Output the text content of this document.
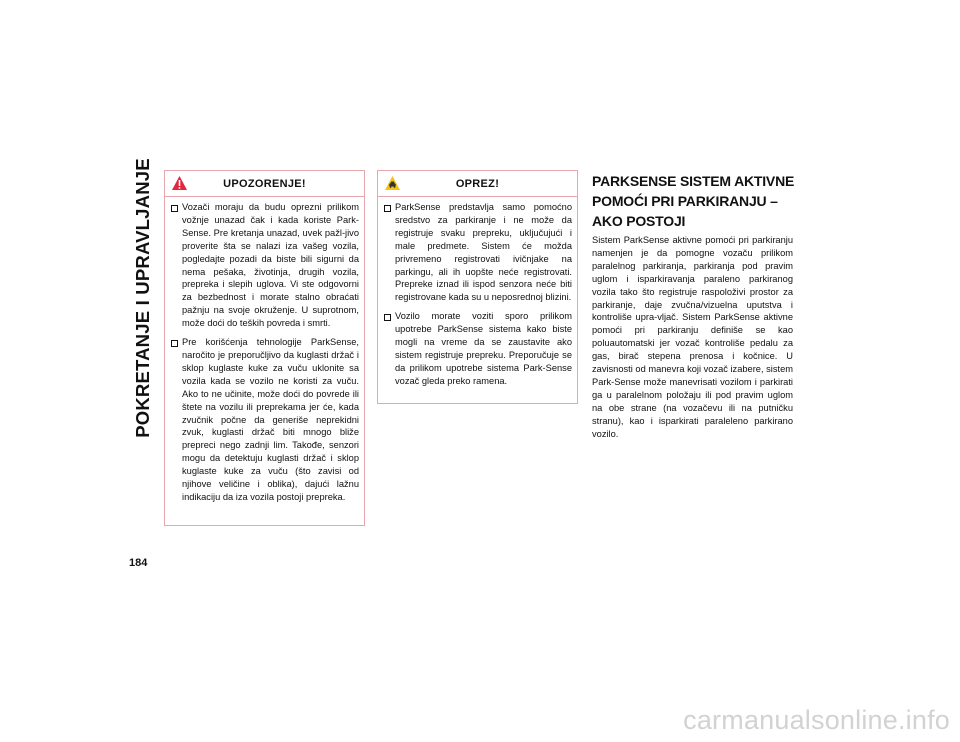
POKRETANJE I UPRAVLJANJE
184
UPOZORENJE!
Vozači moraju da budu oprezni prilikom vožnje unazad čak i kada koriste Park-Sense. Pre kretanja unazad, uvek pažl-jivo proverite šta se nalazi iza vašeg vozila, pogledajte pozadi da biste bili sigurni da nema pešaka, životinja, drugih vozila, prepreka i slepih uglova. Vi ste odgovorni za bezbednost i morate stalno obraćati pažnju na svoje okruženje. U suprotnom, može doći do teških povreda i smrti.
Pre korišćenja tehnologije ParkSense, naročito je preporučljivo da kuglasti držač i sklop kuglaste kuke za vuču uklonite sa vozila kada se vozilo ne koristi za vuču. Ako to ne učinite, može doći do povrede ili štete na vozilu ili preprekama jer će, kada zvučnik počne da generiše neprekidni zvuk, kuglasti držač biti mnogo bliže prepreci nego zadnji lim. Takođe, senzori mogu da detektuju kuglasti držač i sklop kuglaste kuke za vuču (što zavisi od njihove veličine i oblika), dajući lažnu indikaciju da iza vozila postoji prepreka.
OPREZ!
ParkSense predstavlja samo pomoćno sredstvo za parkiranje i ne može da registruje svaku prepreku, uključujući i male predmete. Sistem će možda privremeno registrovati ivičnjake na parkingu, ali ih uopšte neće registrovati. Prepreke iznad ili ispod senzora neće biti registrovane kada su u neposrednoj blizini.
Vozilo morate voziti sporo prilikom upotrebe ParkSense sistema kako biste mogli na vreme da se zaustavite ako sistem registruje prepreku. Preporučuje se da prilikom upotrebe sistema Park-Sense vozač gleda preko ramena.
PARKSENSE SISTEM AKTIVNE POMOĆI PRI PARKIRANJU – AKO POSTOJI
Sistem ParkSense aktivne pomoći pri parkiranju namenjen je da pomogne vozaču prilikom paralelnog parkiranja, parkiranja pod pravim uglom i isparkiravanja paraleno parkiranog vozila tako što registruje raspoloživi prostor za parkiranje, daje zvučna/vizuelna uputstva i kontroliše upra-vljač. Sistem ParkSense aktivne pomoći pri parkiranju definiše se kao poluautomatski jer vozač kontroliše pedalu za gas, birač stepena prenosa i kočnice. U zavisnosti od manevra koji vozač izabere, sistem Park-Sense može manevrisati vozilom i parkirati ga u paralelnom položaju ili pod pravim uglom na obe strane (na vozačevu ili na putničku stranu), kao i isparkirati paraleleno parkirano vozilo.
carmanualsonline.info
